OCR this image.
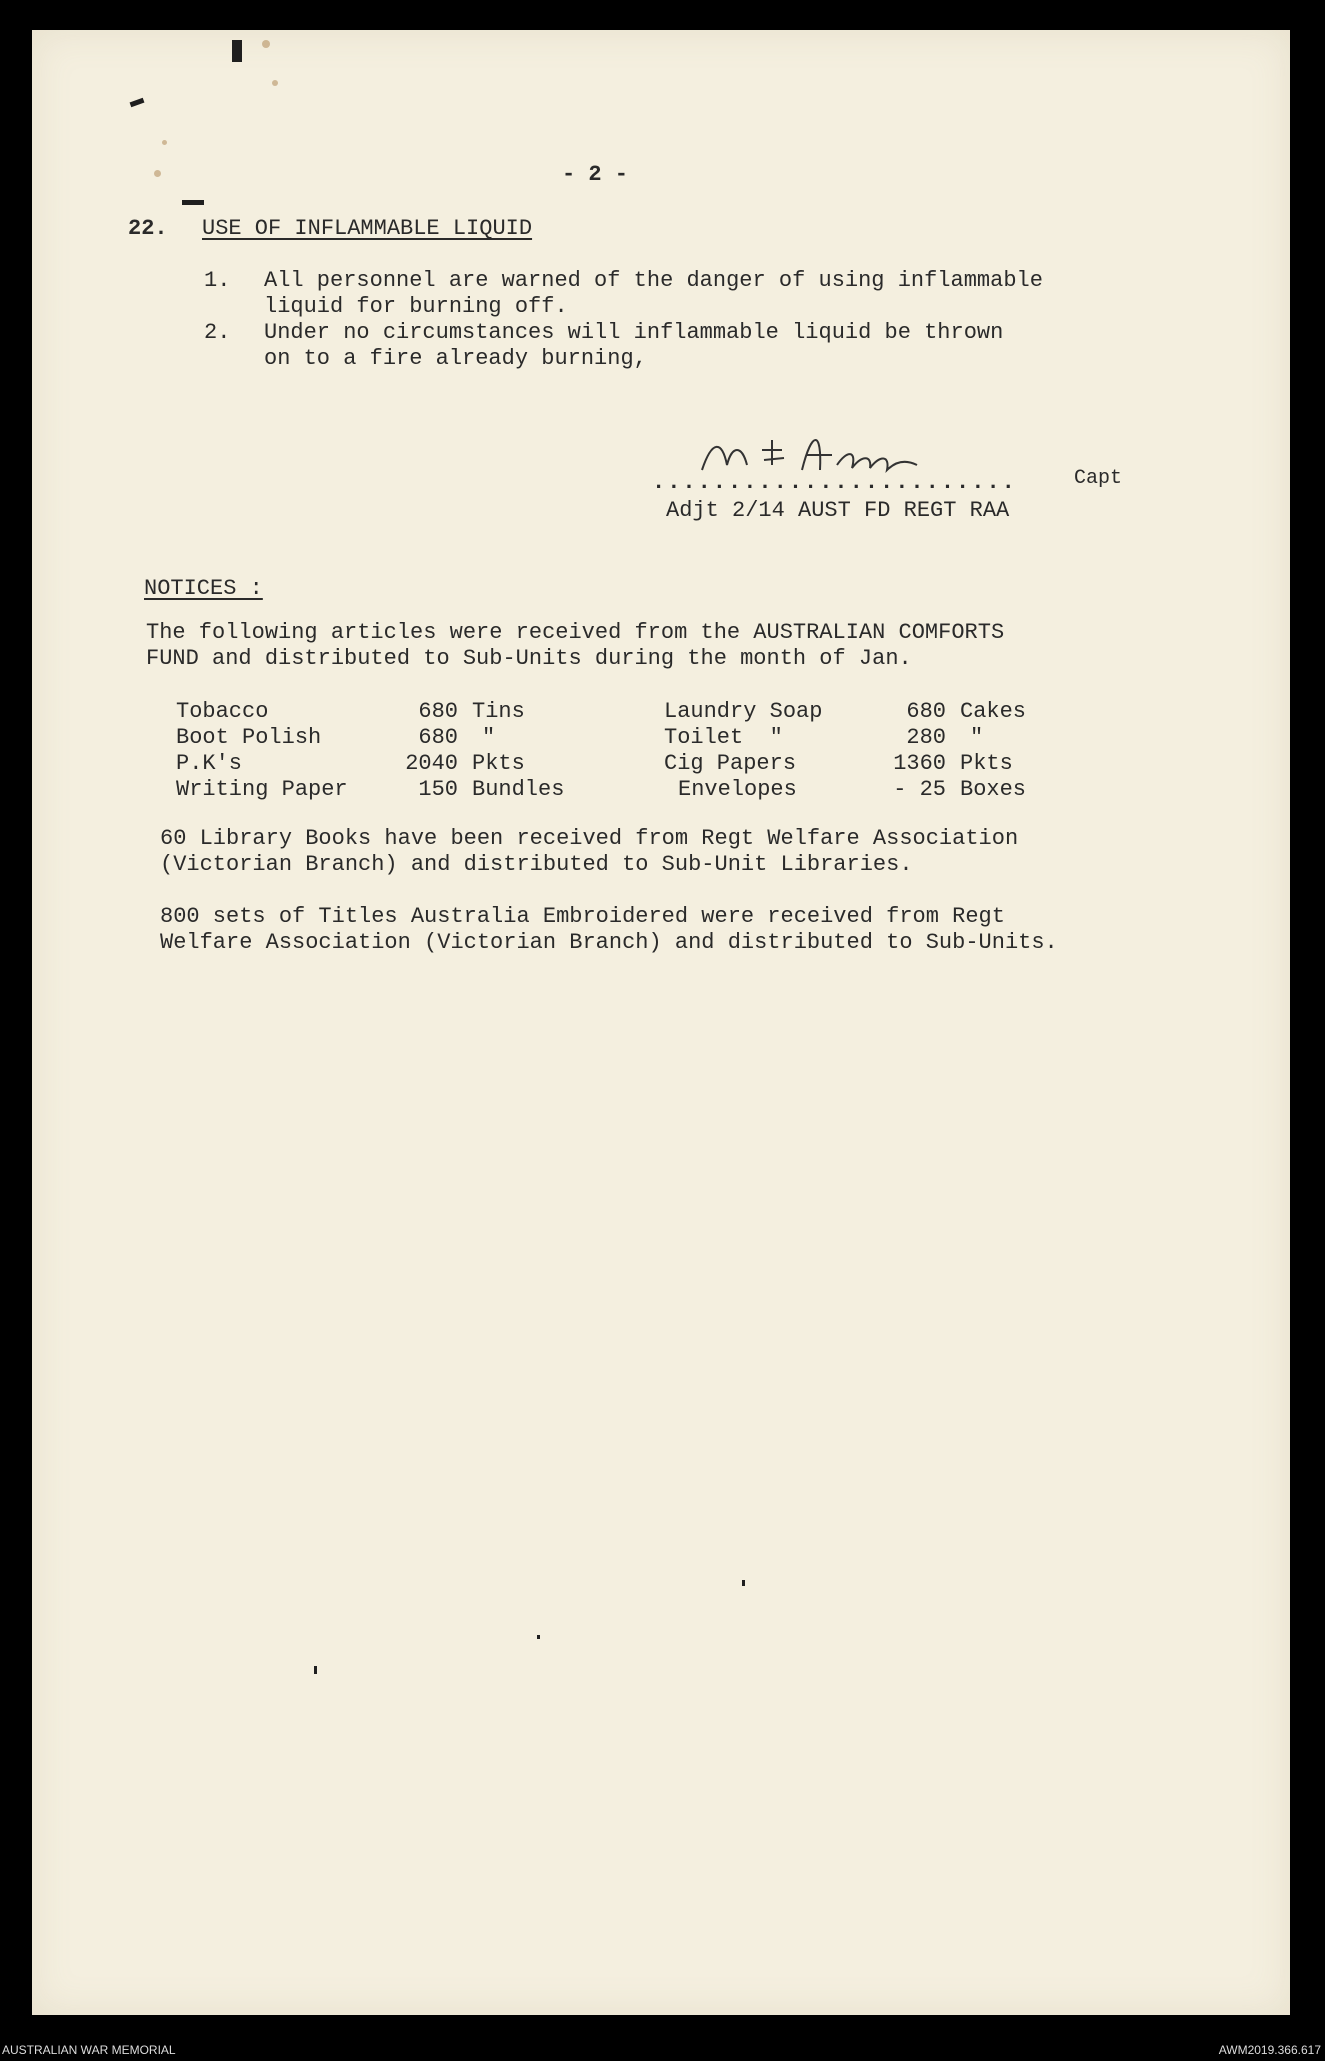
- 2 -
22. USE OF INFLAMMABLE LIQUID
1. All personnel are warned of the danger of using inflammable
liquid for burning off.
2. Under no circumstances will inflammable liquid be thrown
on to a fire already burning,
........................	Capt
Adjt 2/14 AUST FD REGT RAA
NOTICES :
The following articles were received from the AUSTRALIAN COMFORTS
FUND and distributed to Sub-Units during the month of Jan.
Tobacco	680	Tins	Laundry Soap	680	Cakes
Boot Polish	680	"	Toilet  "	280	"
P.K's	2040	Pkts	Cig Papers	1360	Pkts
Writing Paper	150	Bundles	Envelopes	- 25	Boxes
60 Library Books have been received from Regt Welfare Association
(Victorian Branch) and distributed to Sub-Unit Libraries.
800 sets of Titles Australia Embroidered were received from Regt
Welfare Association (Victorian Branch) and distributed to Sub-Units.
AUSTRALIAN WAR MEMORIAL	AWM2019.366.617
